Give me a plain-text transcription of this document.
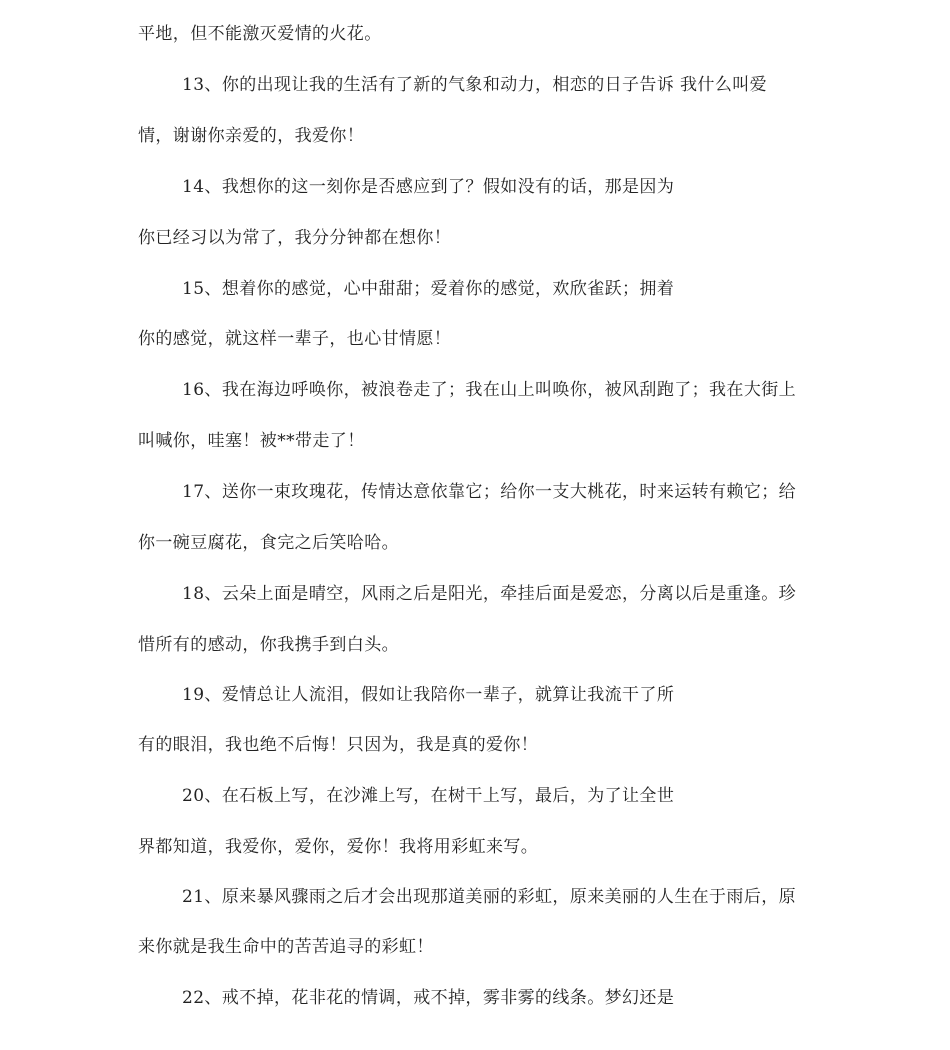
平地，但不能激灭爱情的火花。
13、你的出现让我的生活有了新的气象和动力，相恋的日子告诉 我什么叫爱
情，谢谢你亲爱的，我爱你！
14、我想你的这一刻你是否感应到了？假如没有的话，那是因为
你已经习以为常了，我分分钟都在想你！
15、想着你的感觉，心中甜甜；爱着你的感觉，欢欣雀跃；拥着
你的感觉，就这样一辈子，也心甘情愿！
16、我在海边呼唤你，被浪卷走了；我在山上叫唤你，被风刮跑了；我在大街上
叫喊你，哇塞！被**带走了！
17、送你一束玫瑰花，传情达意依靠它；给你一支大桃花，时来运转有赖它；给
你一碗豆腐花，食完之后笑哈哈。
18、云朵上面是晴空，风雨之后是阳光，牵挂后面是爱恋，分离以后是重逢。珍
惜所有的感动，你我携手到白头。
19、爱情总让人流泪，假如让我陪你一辈子，就算让我流干了所
有的眼泪，我也绝不后悔！只因为，我是真的爱你！
20、在石板上写，在沙滩上写，在树干上写，最后，为了让全世
界都知道，我爱你，爱你，爱你！我将用彩虹来写。
21、原来暴风骤雨之后才会出现那道美丽的彩虹，原来美丽的人生在于雨后，原
来你就是我生命中的苦苦追寻的彩虹！
22、戒不掉，花非花的情调，戒不掉，雾非雾的线条。梦幻还是
